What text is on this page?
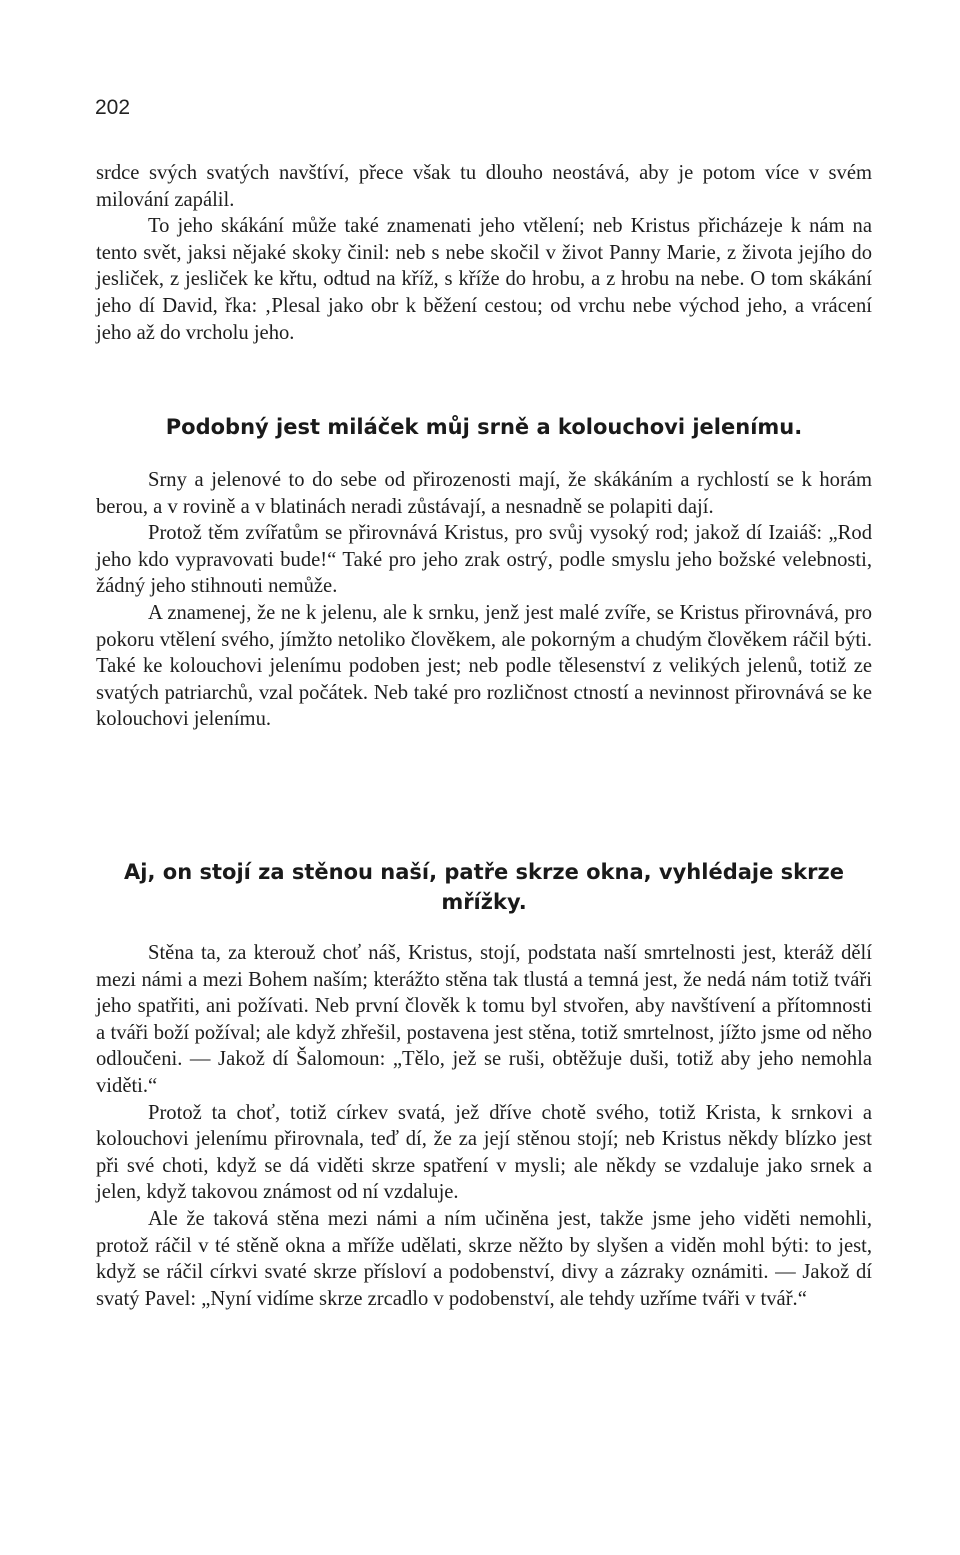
202

srdce svých svatých navštíví, přece však tu dlouho neostává, aby je potom více v svém milování zapálil.

To jeho skákání může také znamenati jeho vtělení; neb Kristus přicházeje k nám na tento svět, jaksi nějaké skoky činil: neb s nebe skočil v život Panny Marie, z života jejího do jesliček, z jesliček ke křtu, odtud na kříž, s kříže do hrobu, a z hrobu na nebe. O tom skákání jeho dí David, řka: ‚Plesal jako obr k běžení cestou; od vrchu nebe východ jeho, a vrácení jeho až do vrcholu jeho.

Podobný jest miláček můj srně a kolouchovi jelenímu.

Srny a jelenové to do sebe od přirozenosti mají, že skákáním a rychlostí se k horám berou, a v rovině a v blatinách neradi zůstávají, a nesnadně se polapiti dají.

Protož těm zvířatům se přirovnává Kristus, pro svůj vysoký rod; jakož dí Izaiáš: „Rod jeho kdo vypravovati bude!“ Také pro jeho zrak ostrý, podle smyslu jeho božské velebnosti, žádný jeho stihnouti nemůže.

A znamenej, že ne k jelenu, ale k srnku, jenž jest malé zvíře, se Kristus přirovnává, pro pokoru vtělení svého, jímžto netoliko člověkem, ale pokorným a chudým člověkem ráčil býti. Také ke kolouchovi jelenímu podoben jest; neb podle tělesenství z velikých jelenů, totiž ze svatých patriarchů, vzal počátek. Neb také pro rozličnost ctností a nevinnost přirovnává se ke kolouchovi jelenímu.

Aj, on stojí za stěnou naší, patře skrze okna, vyhlédaje skrze mřížky.

Stěna ta, za kterouž choť náš, Kristus, stojí, podstata naší smrtelnosti jest, kteráž dělí mezi námi a mezi Bohem naším; kterážto stěna tak tlustá a temná jest, že nedá nám totiž tváři jeho spatřiti, ani požívati. Neb první člověk k tomu byl stvořen, aby navštívení a přítomnosti a tváři boží požíval; ale když zhřešil, postavena jest stěna, totiž smrtelnost, jížto jsme od něho odloučeni. — Jakož dí Šalomoun: „Tělo, jež se ruši, obtěžuje duši, totiž aby jeho nemohla viděti.“

Protož ta choť, totiž církev svatá, jež dříve chotě svého, totiž Krista, k srnkovi a kolouchovi jelenímu přirovnala, teď dí, že za její stěnou stojí; neb Kristus někdy blízko jest při své choti, když se dá viděti skrze spatření v mysli; ale někdy se vzdaluje jako srnek a jelen, když takovou známost od ní vzdaluje.

Ale že taková stěna mezi námi a ním učiněna jest, takže jsme jeho viděti nemohli, protož ráčil v té stěně okna a mříže udělati, skrze něžto by slyšen a viděn mohl býti: to jest, když se ráčil církvi svaté skrze přísloví a podobenství, divy a zázraky oznámiti. — Jakož dí svatý Pavel: „Nyní vidíme skrze zrcadlo v podobenství, ale tehdy uzříme tváři v tvář.“
